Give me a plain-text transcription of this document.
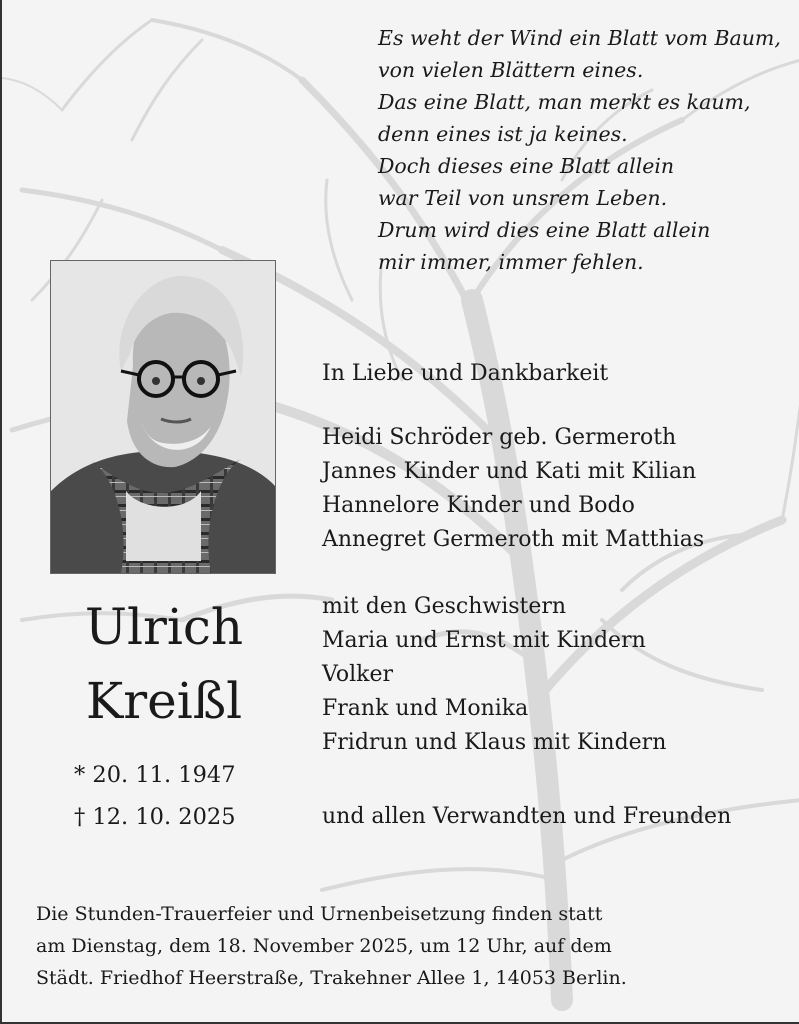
Es weht der Wind ein Blatt vom Baum,
von vielen Blättern eines.
Das eine Blatt, man merkt es kaum,
denn eines ist ja keines.
Doch dieses eine Blatt allein
war Teil von unsrem Leben.
Drum wird dies eine Blatt allein
mir immer, immer fehlen.

Ulrich
Kreißl
* 20. 11. 1947
† 12. 10. 2025

In Liebe und Dankbarkeit

Heidi Schröder geb. Germeroth
Jannes Kinder und Kati mit Kilian
Hannelore Kinder und Bodo
Annegret Germeroth mit Matthias

mit den Geschwistern
Maria und Ernst mit Kindern
Volker
Frank und Monika
Fridrun und Klaus mit Kindern

und allen Verwandten und Freunden

Die Stunden-Trauerfeier und Urnenbeisetzung finden statt
am Dienstag, dem 18. November 2025, um 12 Uhr, auf dem
Städt. Friedhof Heerstraße, Trakehner Allee 1, 14053 Berlin.
